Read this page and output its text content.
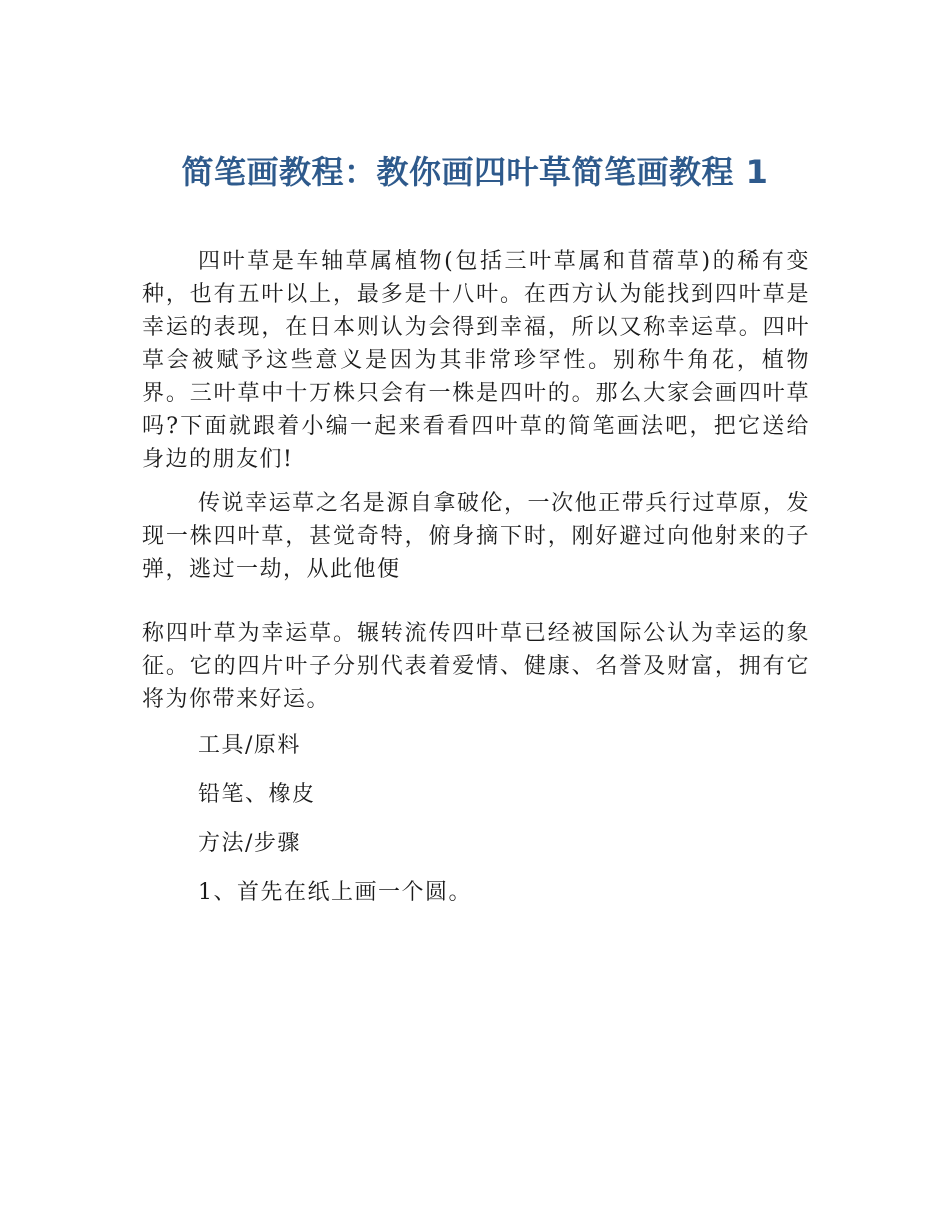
简笔画教程：教你画四叶草简笔画教程 1

四叶草是车轴草属植物(包括三叶草属和苜蓿草)的稀有变种，也有五叶以上，最多是十八叶。在西方认为能找到四叶草是幸运的表现，在日本则认为会得到幸福，所以又称幸运草。四叶草会被赋予这些意义是因为其非常珍罕性。别称牛角花，植物界。三叶草中十万株只会有一株是四叶的。那么大家会画四叶草吗?下面就跟着小编一起来看看四叶草的简笔画法吧，把它送给身边的朋友们!

传说幸运草之名是源自拿破伦，一次他正带兵行过草原，发现一株四叶草，甚觉奇特，俯身摘下时，刚好避过向他射来的子弹，逃过一劫，从此他便

称四叶草为幸运草。辗转流传四叶草已经被国际公认为幸运的象征。它的四片叶子分别代表着爱情、健康、名誉及财富，拥有它将为你带来好运。

工具/原料

铅笔、橡皮

方法/步骤

1、首先在纸上画一个圆。
